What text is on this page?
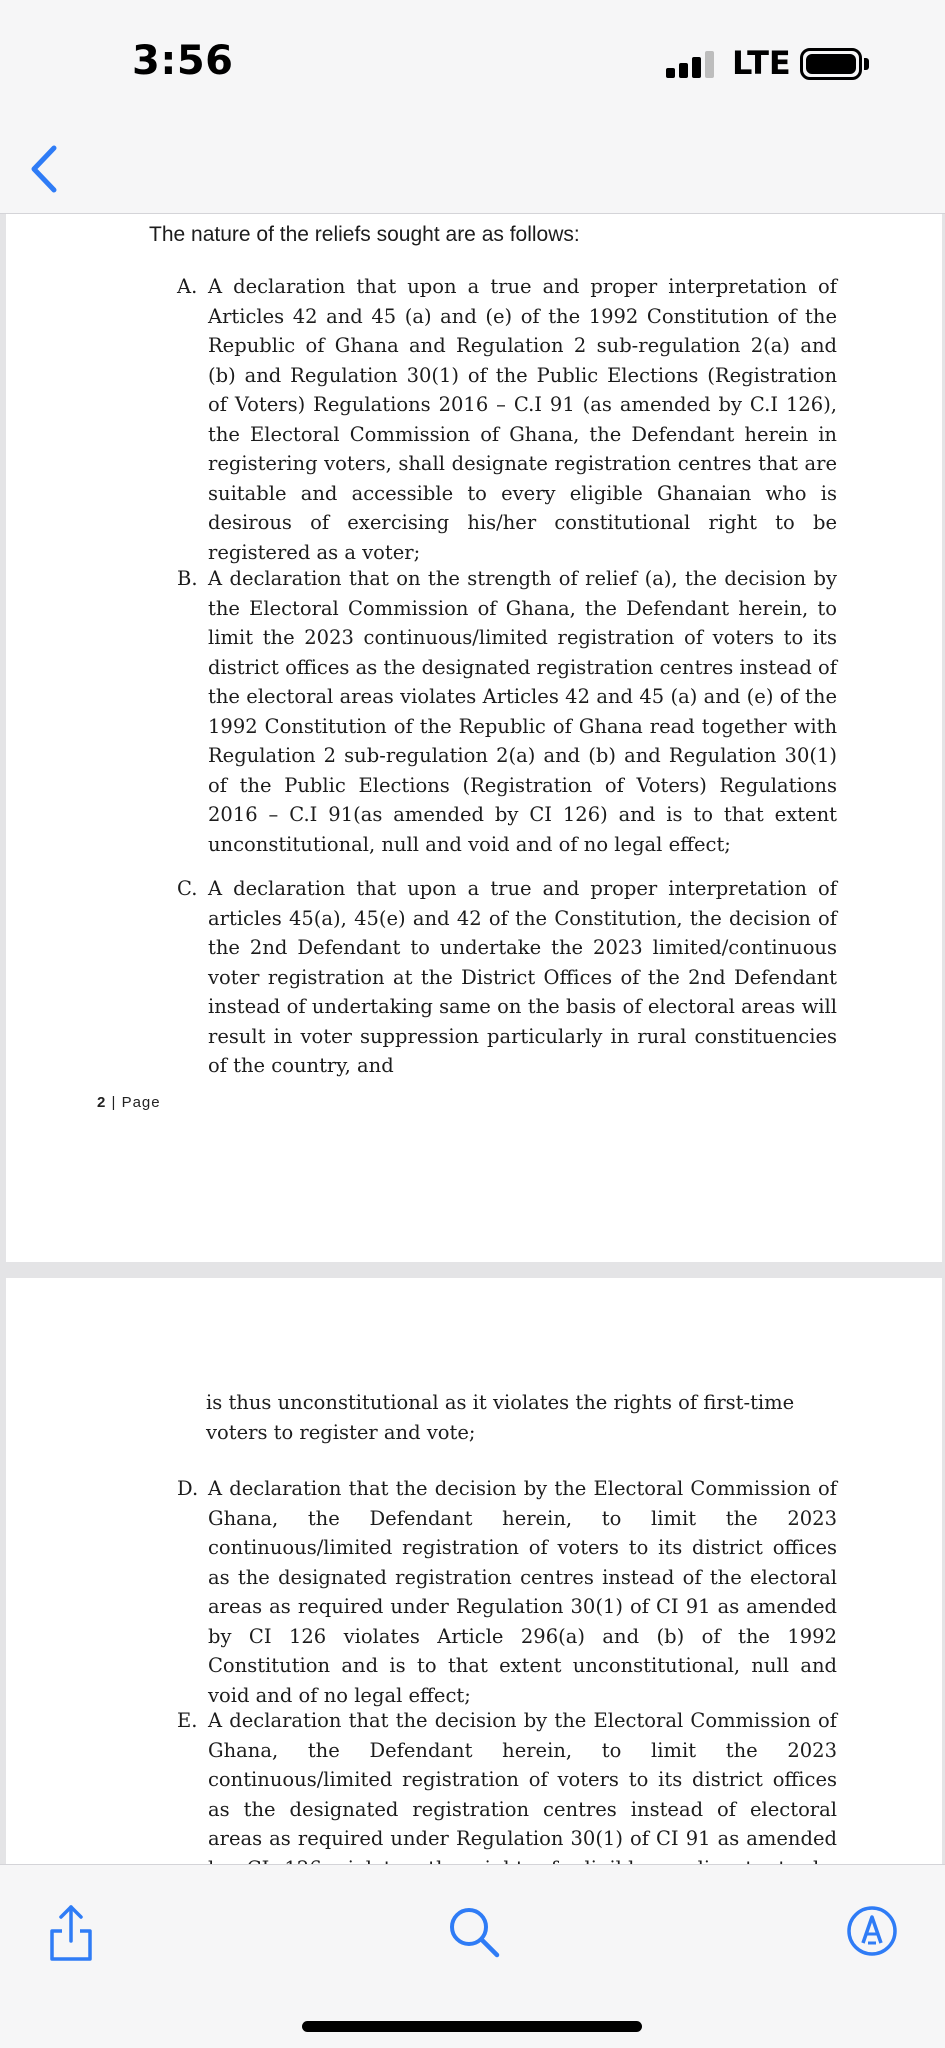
3:56	LTE
The nature of the reliefs sought are as follows:
A. A declaration that upon a true and proper interpretation of Articles 42 and 45 (a) and (e) of the 1992 Constitution of the Republic of Ghana and Regulation 2 sub-regulation 2(a) and (b) and Regulation 30(1) of the Public Elections (Registration of Voters) Regulations 2016 – C.I 91 (as amended by C.I 126), the Electoral Commission of Ghana, the Defendant herein in registering voters, shall designate registration centres that are suitable and accessible to every eligible Ghanaian who is desirous of exercising his/her constitutional right to be registered as a voter;
B. A declaration that on the strength of relief (a), the decision by the Electoral Commission of Ghana, the Defendant herein, to limit the 2023 continuous/limited registration of voters to its district offices as the designated registration centres instead of the electoral areas violates Articles 42 and 45 (a) and (e) of the 1992 Constitution of the Republic of Ghana read together with Regulation 2 sub-regulation 2(a) and (b) and Regulation 30(1) of the Public Elections (Registration of Voters) Regulations 2016 – C.I 91(as amended by CI 126) and is to that extent unconstitutional, null and void and of no legal effect;
C. A declaration that upon a true and proper interpretation of articles 45(a), 45(e) and 42 of the Constitution, the decision of the 2nd Defendant to undertake the 2023 limited/continuous voter registration at the District Offices of the 2nd Defendant instead of undertaking same on the basis of electoral areas will result in voter suppression particularly in rural constituencies of the country, and
2 | Page
is thus unconstitutional as it violates the rights of first-time voters to register and vote;
D. A declaration that the decision by the Electoral Commission of Ghana, the Defendant herein, to limit the 2023 continuous/limited registration of voters to its district offices as the designated registration centres instead of the electoral areas as required under Regulation 30(1) of CI 91 as amended by CI 126 violates Article 296(a) and (b) of the 1992 Constitution and is to that extent unconstitutional, null and void and of no legal effect;
E. A declaration that the decision by the Electoral Commission of Ghana, the Defendant herein, to limit the 2023 continuous/limited registration of voters to its district offices as the designated registration centres instead of electoral areas as required under Regulation 30(1) of CI 91 as amended
